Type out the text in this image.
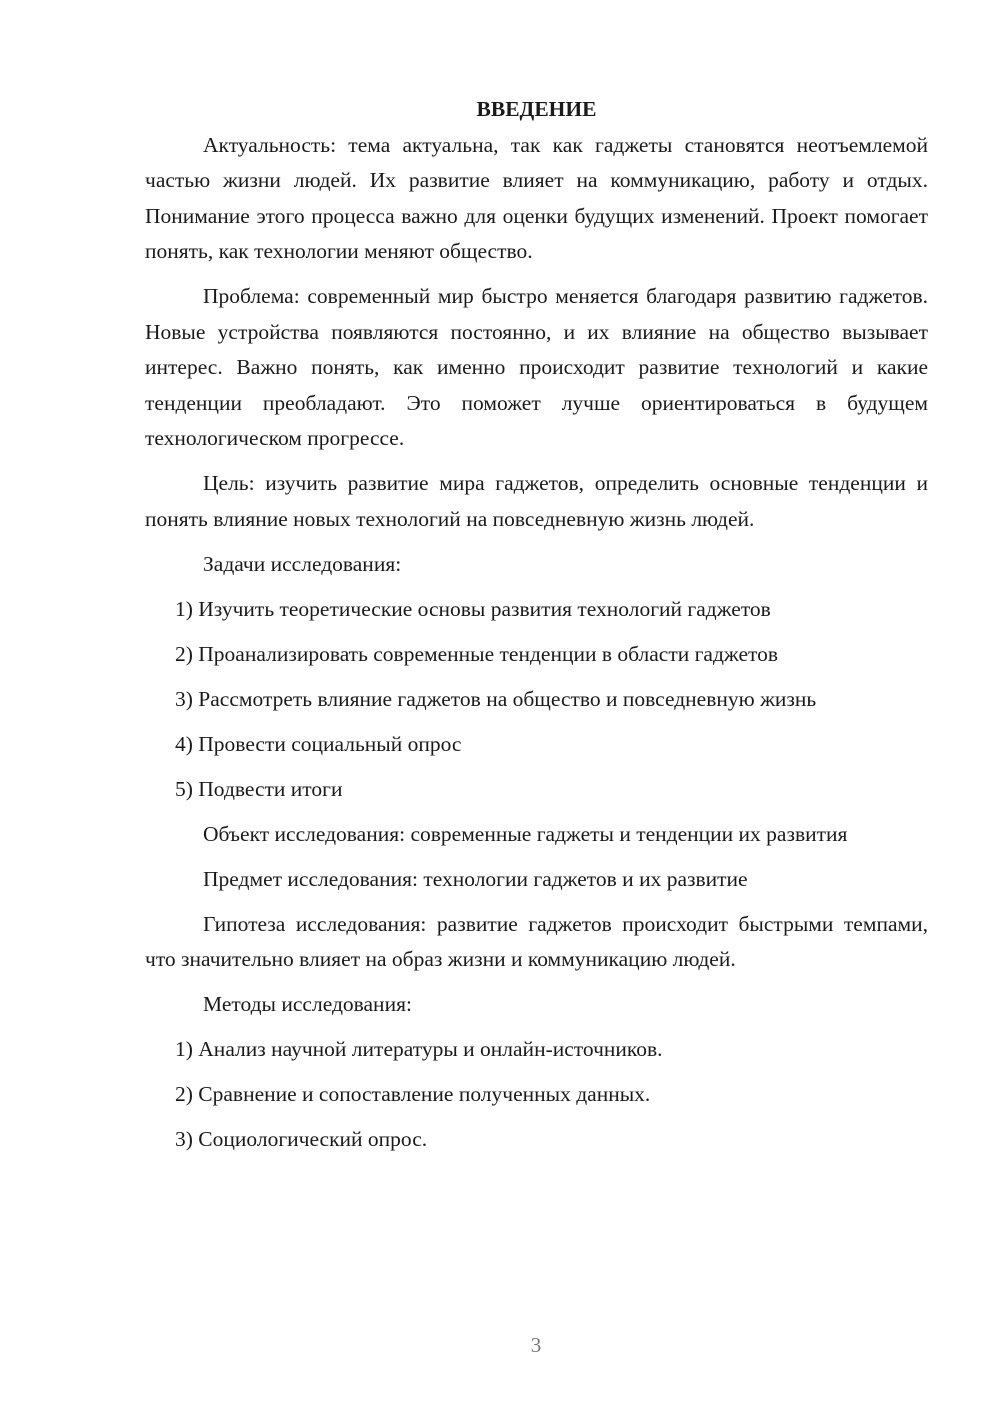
ВВЕДЕНИЕ

Актуальность: тема актуальна, так как гаджеты становятся неотъемлемой частью жизни людей. Их развитие влияет на коммуникацию, работу и отдых. Понимание этого процесса важно для оценки будущих изменений. Проект помогает понять, как технологии меняют общество.

Проблема: современный мир быстро меняется благодаря развитию гаджетов. Новые устройства появляются постоянно, и их влияние на общество вызывает интерес. Важно понять, как именно происходит развитие технологий и какие тенденции преобладают. Это поможет лучше ориентироваться в будущем технологическом прогрессе.

Цель: изучить развитие мира гаджетов, определить основные тенденции и понять влияние новых технологий на повседневную жизнь людей.

Задачи исследования:

1) Изучить теоретические основы развития технологий гаджетов

2) Проанализировать современные тенденции в области гаджетов

3) Рассмотреть влияние гаджетов на общество и повседневную жизнь

4) Провести социальный опрос

5) Подвести итоги

Объект исследования: современные гаджеты и тенденции их развития

Предмет исследования: технологии гаджетов и их развитие

Гипотеза исследования: развитие гаджетов происходит быстрыми темпами, что значительно влияет на образ жизни и коммуникацию людей.

Методы исследования:

1) Анализ научной литературы и онлайн-источников.

2) Сравнение и сопоставление полученных данных.

3) Социологический опрос.

3
